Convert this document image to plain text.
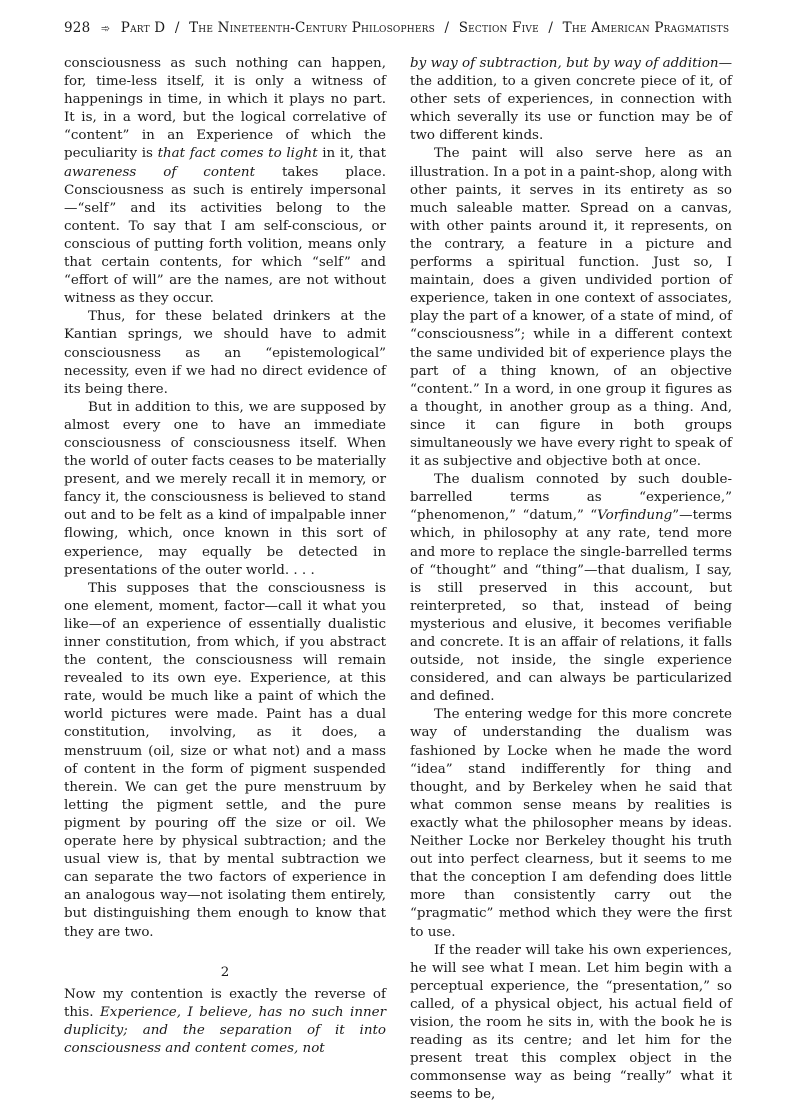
928 ➾ Part D / The Nineteenth-Century Philosophers / Section Five / The American Pragmatists

consciousness as such nothing can happen, for, time-less itself, it is only a witness of happenings in time, in which it plays no part. It is, in a word, but the logical correlative of “content” in an Experience of which the peculiarity is that fact comes to light in it, that awareness of content takes place. Consciousness as such is entirely impersonal—“self” and its activities belong to the content. To say that I am self-conscious, or conscious of putting forth volition, means only that certain contents, for which “self” and “effort of will” are the names, are not without witness as they occur.

Thus, for these belated drinkers at the Kantian springs, we should have to admit consciousness as an “epistemological” necessity, even if we had no direct evidence of its being there.

But in addition to this, we are supposed by almost every one to have an immediate consciousness of consciousness itself. When the world of outer facts ceases to be materially present, and we merely recall it in memory, or fancy it, the consciousness is believed to stand out and to be felt as a kind of impalpable inner flowing, which, once known in this sort of experience, may equally be detected in presentations of the outer world. . . .

This supposes that the consciousness is one element, moment, factor—call it what you like—of an experience of essentially dualistic inner constitution, from which, if you abstract the content, the consciousness will remain revealed to its own eye. Experience, at this rate, would be much like a paint of which the world pictures were made. Paint has a dual constitution, involving, as it does, a menstruum (oil, size or what not) and a mass of content in the form of pigment suspended therein. We can get the pure menstruum by letting the pigment settle, and the pure pigment by pouring off the size or oil. We operate here by physical subtraction; and the usual view is, that by mental subtraction we can separate the two factors of experience in an analogous way—not isolating them entirely, but distinguishing them enough to know that they are two.

2

Now my contention is exactly the reverse of this. Experience, I believe, has no such inner duplicity; and the separation of it into consciousness and content comes, not

by way of subtraction, but by way of addition—the addition, to a given concrete piece of it, of other sets of experiences, in connection with which severally its use or function may be of two different kinds.

The paint will also serve here as an illustration. In a pot in a paint-shop, along with other paints, it serves in its entirety as so much saleable matter. Spread on a canvas, with other paints around it, it represents, on the contrary, a feature in a picture and performs a spiritual function. Just so, I maintain, does a given undivided portion of experience, taken in one context of associates, play the part of a knower, of a state of mind, of “consciousness”; while in a different context the same undivided bit of experience plays the part of a thing known, of an objective “content.” In a word, in one group it figures as a thought, in another group as a thing. And, since it can figure in both groups simultaneously we have every right to speak of it as subjective and objective both at once.

The dualism connoted by such double-barrelled terms as “experience,” “phenomenon,” “datum,” “Vorfindung”—terms which, in philosophy at any rate, tend more and more to replace the single-barrelled terms of “thought” and “thing”—that dualism, I say, is still preserved in this account, but reinterpreted, so that, instead of being mysterious and elusive, it becomes verifiable and concrete. It is an affair of relations, it falls outside, not inside, the single experience considered, and can always be particularized and defined.

The entering wedge for this more concrete way of understanding the dualism was fashioned by Locke when he made the word “idea” stand indifferently for thing and thought, and by Berkeley when he said that what common sense means by realities is exactly what the philosopher means by ideas. Neither Locke nor Berkeley thought his truth out into perfect clearness, but it seems to me that the conception I am defending does little more than consistently carry out the “pragmatic” method which they were the first to use.

If the reader will take his own experiences, he will see what I mean. Let him begin with a perceptual experience, the “presentation,” so called, of a physical object, his actual field of vision, the room he sits in, with the book he is reading as its centre; and let him for the present treat this complex object in the commonsense way as being “really” what it seems to be,
